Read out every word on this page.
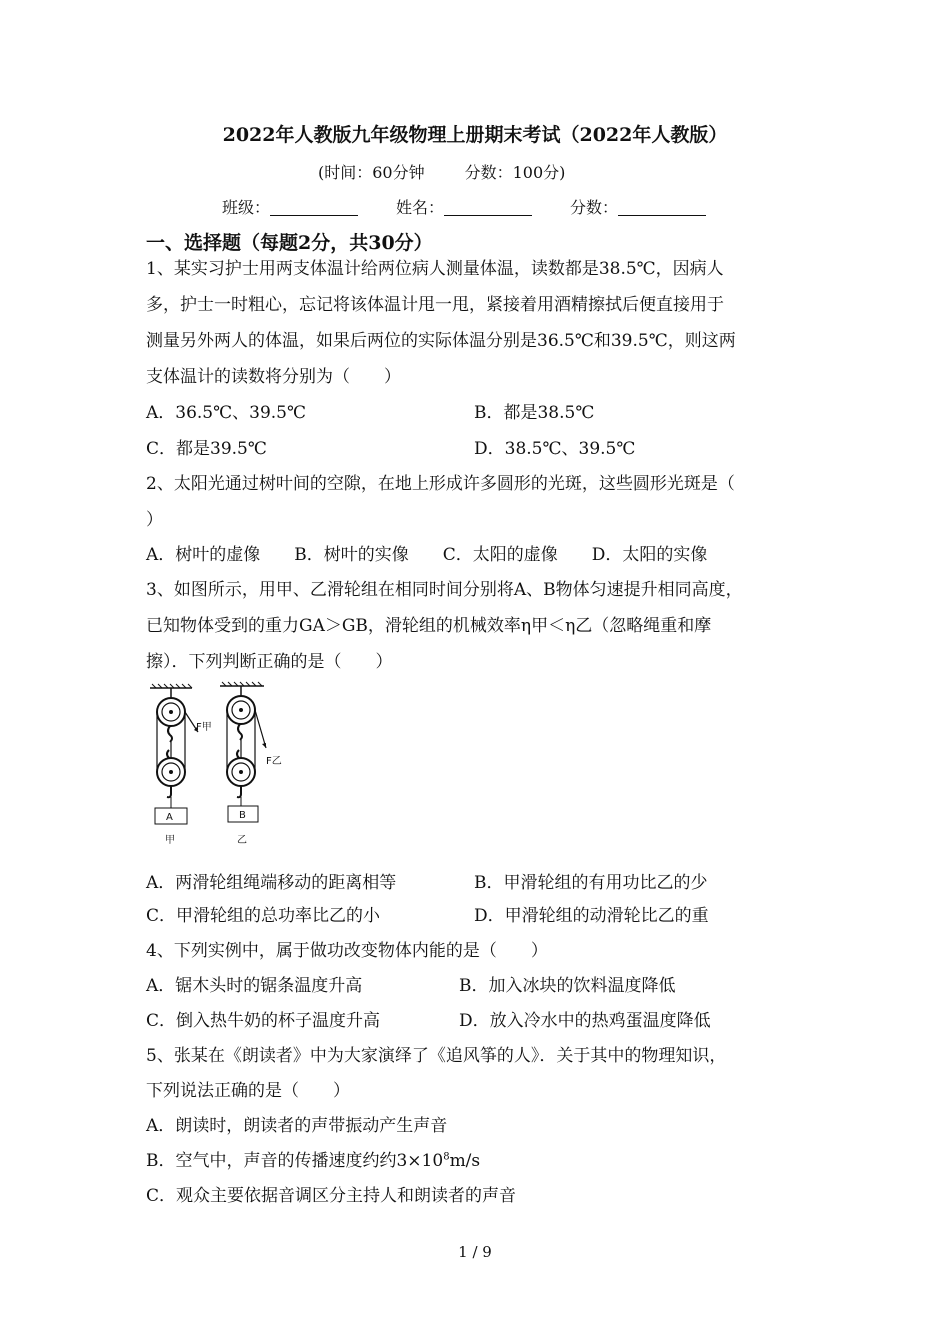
2022年人教版九年级物理上册期末考试（2022年人教版）
(时间：60分钟	分数：100分)
班级：	姓名：	分数：
一、选择题（每题2分，共30分）
1、某实习护士用两支体温计给两位病人测量体温，读数都是38.5℃，因病人
多，护士一时粗心，忘记将该体温计甩一甩，紧接着用酒精擦拭后便直接用于
测量另外两人的体温，如果后两位的实际体温分别是36.5℃和39.5℃，则这两
支体温计的读数将分别为（　　）
A．36.5℃、39.5℃	B．都是38.5℃
C．都是39.5℃	D．38.5℃、39.5℃
2、太阳光通过树叶间的空隙，在地上形成许多圆形的光斑，这些圆形光斑是（
）
A．树叶的虚像　　B．树叶的实像　　C．太阳的虚像　　D．太阳的实像
3、如图所示，用甲、乙滑轮组在相同时间分别将A、B物体匀速提升相同高度，
已知物体受到的重力GA＞GB，滑轮组的机械效率η甲＜η乙（忽略绳重和摩
擦）．下列判断正确的是（　　）
F甲
A
甲
F乙
B
乙
A．两滑轮组绳端移动的距离相等	B．甲滑轮组的有用功比乙的少
C．甲滑轮组的总功率比乙的小	D．甲滑轮组的动滑轮比乙的重
4、下列实例中，属于做功改变物体内能的是（　　）
A．锯木头时的锯条温度升高	B．加入冰块的饮料温度降低
C．倒入热牛奶的杯子温度升高	D．放入冷水中的热鸡蛋温度降低
5、张某在《朗读者》中为大家演绎了《追风筝的人》．关于其中的物理知识，
下列说法正确的是（　　）
A．朗读时，朗读者的声带振动产生声音
B．空气中，声音的传播速度约约$3\times 10^8m/s$
C．观众主要依据音调区分主持人和朗读者的声音
1 / 9
